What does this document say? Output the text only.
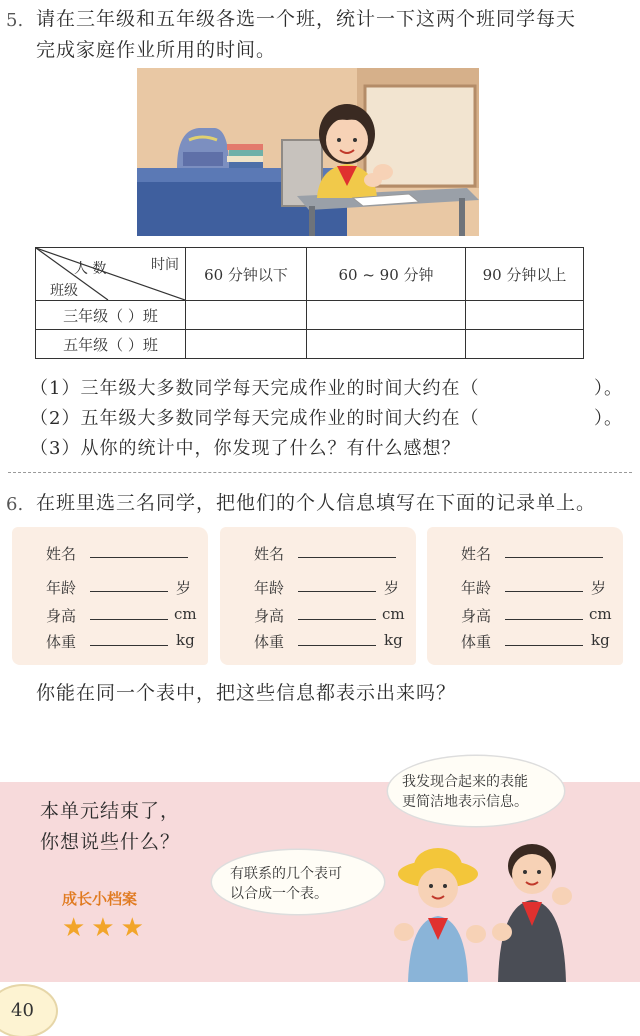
5. 请在三年级和五年级各选一个班，统计一下这两个班同学每天
完成家庭作业所用的时间。
时间
人 数
班级	60 分钟以下	60 ~ 90 分钟	90 分钟以上
三年级（ ）班			
五年级（ ）班			
（1）三年级大多数同学每天完成作业的时间大约在（	）。
（2）五年级大多数同学每天完成作业的时间大约在（	）。
（3）从你的统计中，你发现了什么？有什么感想？
6. 在班里选三名同学，把他们的个人信息填写在下面的记录单上。
姓名
年龄	岁
身高	cm
体重	kg
姓名
年龄	岁
身高	cm
体重	kg
姓名
年龄	岁
身高	cm
体重	kg
你能在同一个表中，把这些信息都表示出来吗？
本单元结束了，
你想说些什么？
成长小档案
★★★
我发现合起来的表能
更简洁地表示信息。
有联系的几个表可
以合成一个表。
40
